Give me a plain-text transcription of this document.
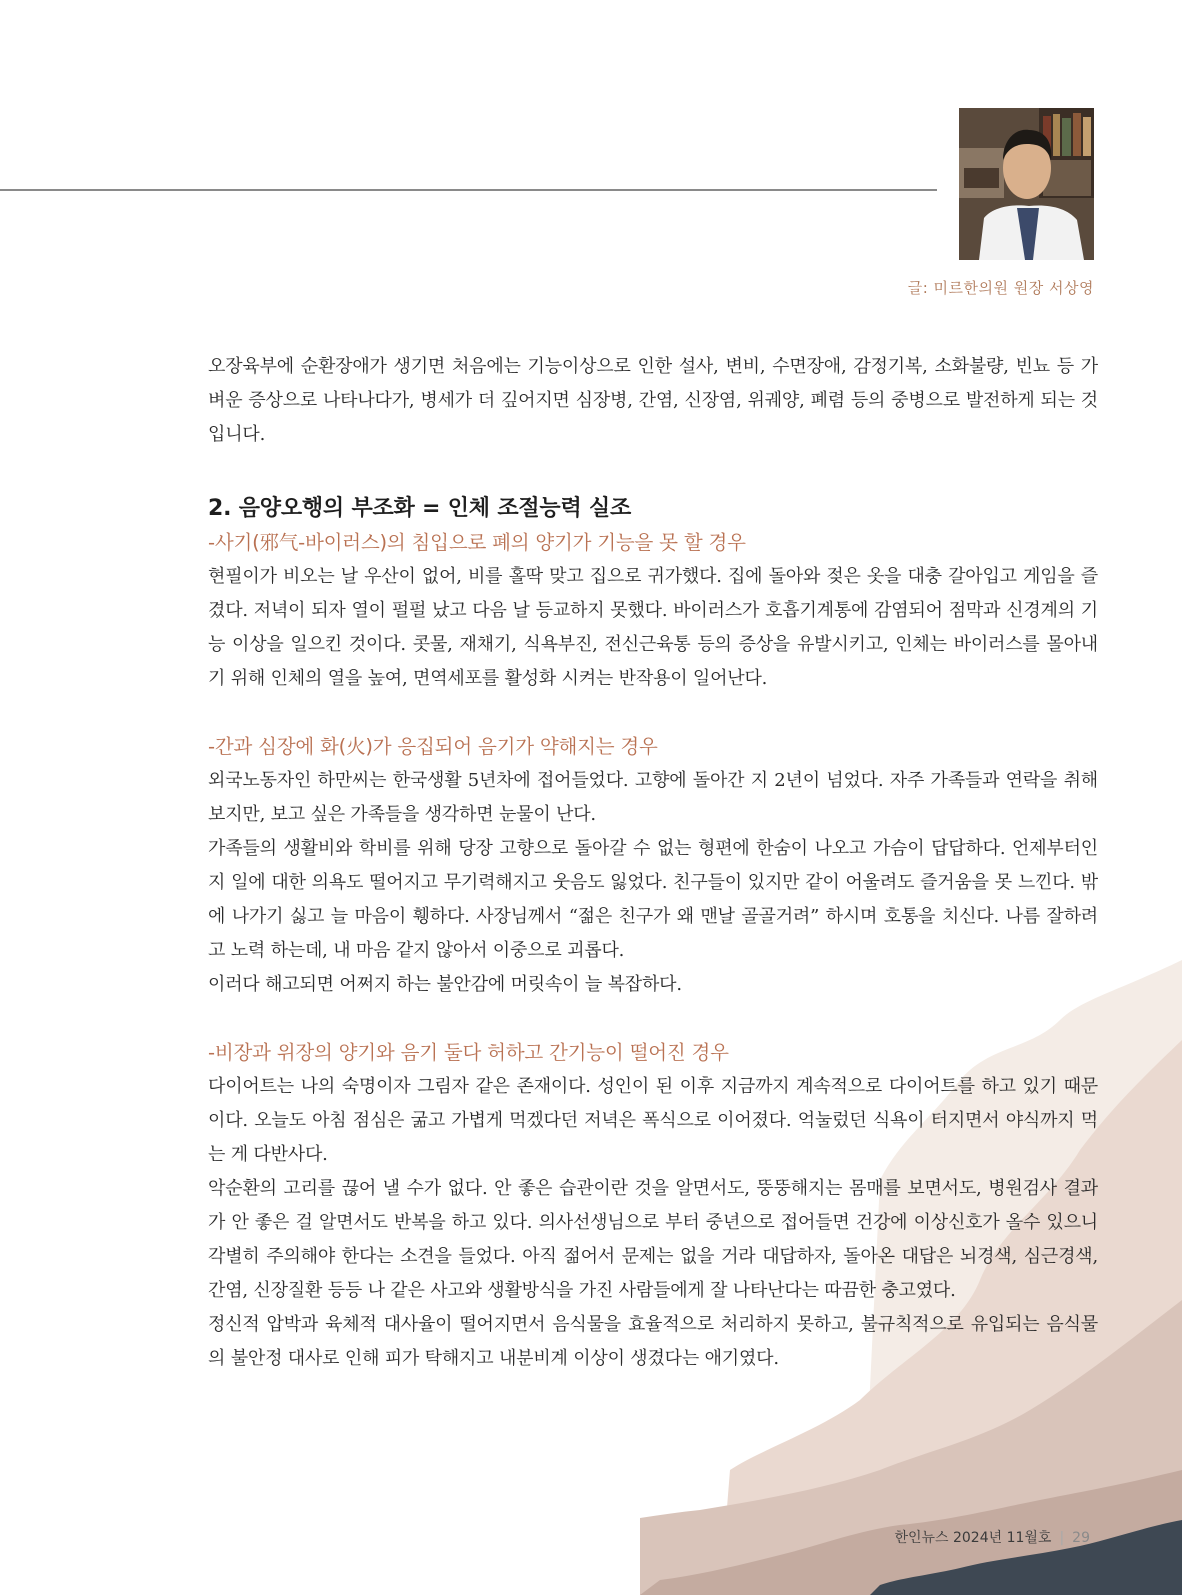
글: 미르한의원 원장 서상영

오장육부에 순환장애가 생기면 처음에는 기능이상으로 인한 설사, 변비, 수면장애, 감정기복, 소화불량, 빈뇨 등 가벼운 증상으로 나타나다가, 병세가 더 깊어지면 심장병, 간염, 신장염, 위궤양, 폐렴 등의 중병으로 발전하게 되는 것입니다.

2. 음양오행의 부조화 = 인체 조절능력 실조
-사기(邪气-바이러스)의 침입으로 폐의 양기가 기능을 못 할 경우

현필이가 비오는 날 우산이 없어, 비를 홀딱 맞고 집으로 귀가했다. 집에 돌아와 젖은 옷을 대충 갈아입고 게임을 즐겼다. 저녁이 되자 열이 펄펄 났고 다음 날 등교하지 못했다. 바이러스가 호흡기계통에 감염되어 점막과 신경계의 기능 이상을 일으킨 것이다. 콧물, 재채기, 식욕부진, 전신근육통 등의 증상을 유발시키고, 인체는 바이러스를 몰아내기 위해 인체의 열을 높여, 면역세포를 활성화 시켜는 반작용이 일어난다.

-간과 심장에 화(火)가 응집되어 음기가 약해지는 경우

외국노동자인 하만씨는 한국생활 5년차에 접어들었다. 고향에 돌아간 지 2년이 넘었다. 자주 가족들과 연락을 취해 보지만, 보고 싶은 가족들을 생각하면 눈물이 난다.

가족들의 생활비와 학비를 위해 당장 고향으로 돌아갈 수 없는 형편에 한숨이 나오고 가슴이 답답하다. 언제부터인지 일에 대한 의욕도 떨어지고 무기력해지고 웃음도 잃었다. 친구들이 있지만 같이 어울려도 즐거움을 못 느낀다. 밖에 나가기 싫고 늘 마음이 휑하다. 사장님께서 “젊은 친구가 왜 맨날 골골거려” 하시며 호통을 치신다. 나름 잘하려고 노력 하는데, 내 마음 같지 않아서 이중으로 괴롭다.

이러다 해고되면 어쩌지 하는 불안감에 머릿속이 늘 복잡하다.

-비장과 위장의 양기와 음기 둘다 허하고 간기능이 떨어진 경우

다이어트는 나의 숙명이자 그림자 같은 존재이다. 성인이 된 이후 지금까지 계속적으로 다이어트를 하고 있기 때문이다. 오늘도 아침 점심은 굶고 가볍게 먹겠다던 저녁은 폭식으로 이어졌다. 억눌렀던 식욕이 터지면서 야식까지 먹는 게 다반사다.

악순환의 고리를 끊어 낼 수가 없다. 안 좋은 습관이란 것을 알면서도, 뚱뚱해지는 몸매를 보면서도, 병원검사 결과가 안 좋은 걸 알면서도 반복을 하고 있다. 의사선생님으로 부터 중년으로 접어들면 건강에 이상신호가 올수 있으니 각별히 주의해야 한다는 소견을 들었다. 아직 젊어서 문제는 없을 거라 대답하자, 돌아온 대답은 뇌경색, 심근경색, 간염, 신장질환 등등 나 같은 사고와 생활방식을 가진 사람들에게 잘 나타난다는 따끔한 충고였다.

정신적 압박과 육체적 대사율이 떨어지면서 음식물을 효율적으로 처리하지 못하고, 불규칙적으로 유입되는 음식물의 불안정 대사로 인해 피가 탁해지고 내분비계 이상이 생겼다는 애기였다.

한인뉴스 2024년 11월호 | 29
